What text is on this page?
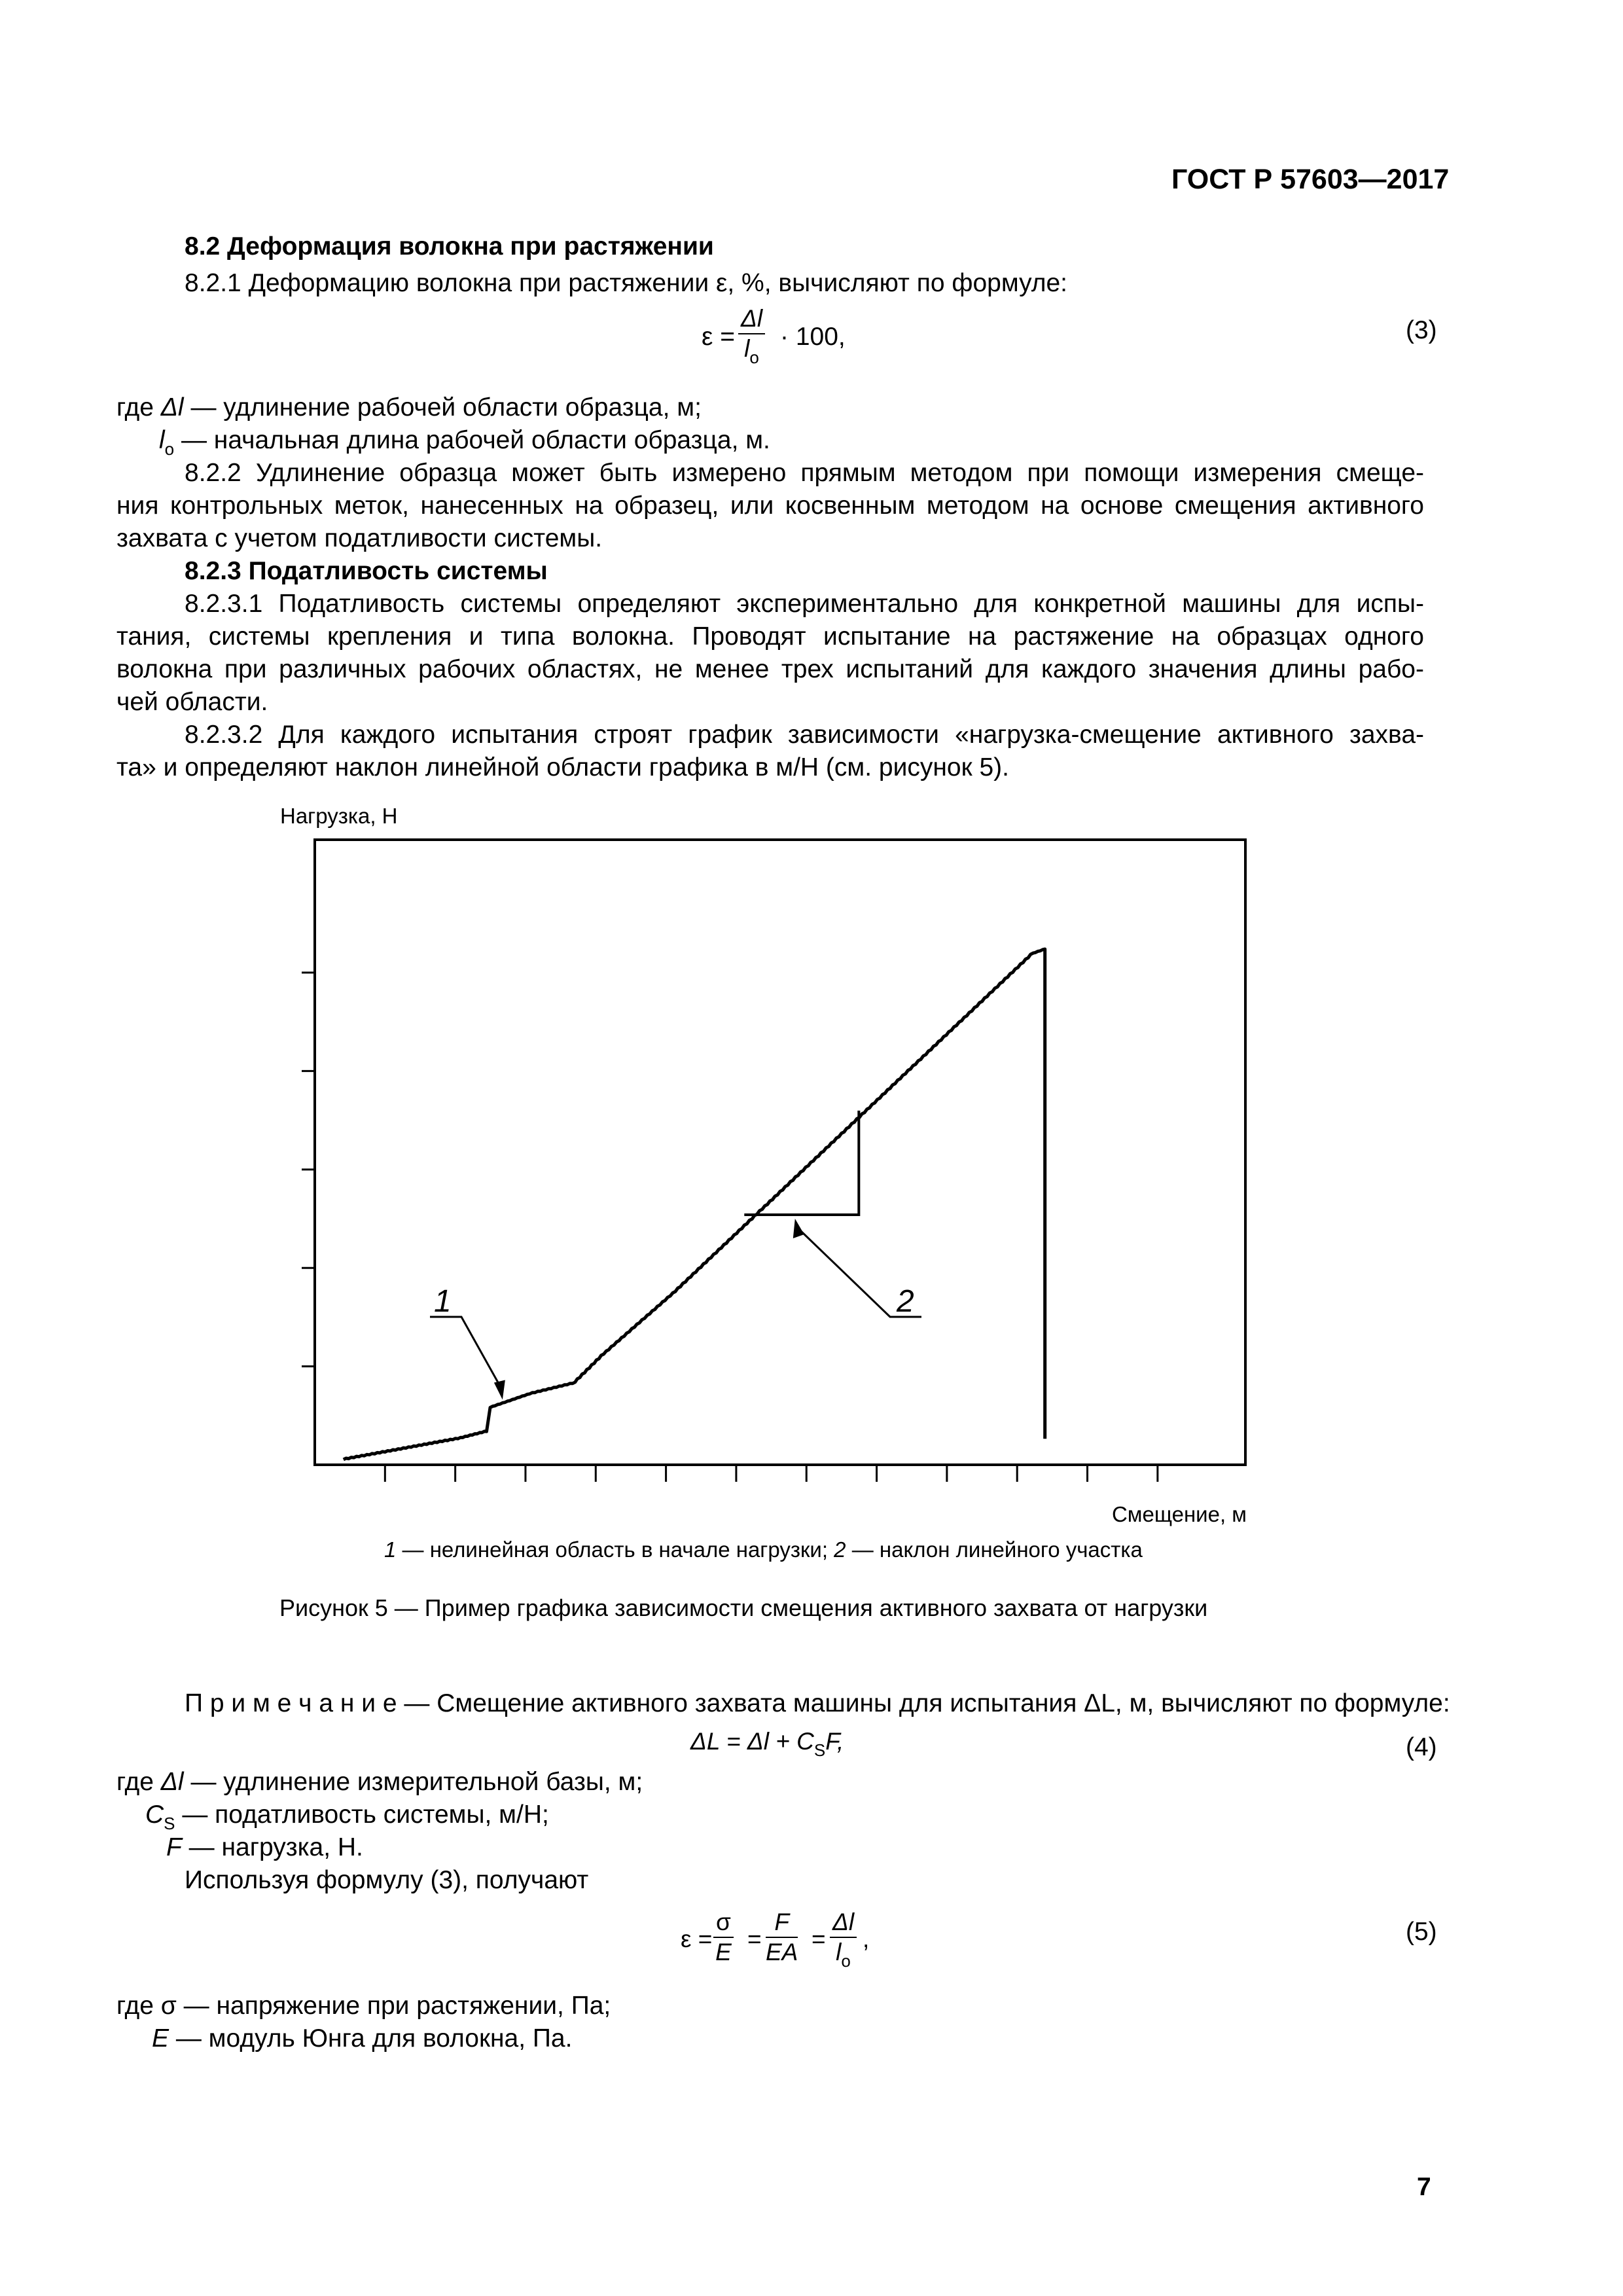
ГОСТ Р 57603—2017
8.2 Деформация волокна при растяжении
8.2.1 Деформацию волокна при растяжении ε, %, вычисляют по формуле:
$\varepsilon = \frac{\Delta l}{l_o} \cdot 100$,	(3)
где Δl — удлинение рабочей области образца, м;
$l_o$ — начальная длина рабочей области образца, м.
8.2.2 Удлинение образца может быть измерено прямым методом при помощи измерения смеще-
ния контрольных меток, нанесенных на образец, или косвенным методом на основе смещения активного
захвата с учетом податливости системы.
8.2.3 Податливость системы
8.2.3.1 Податливость системы определяют экспериментально для конкретной машины для испы-
тания, системы крепления и типа волокна. Проводят испытание на растяжение на образцах одного
волокна при различных рабочих областях, не менее трех испытаний для каждого значения длины рабо-
чей области.
8.2.3.2 Для каждого испытания строят график зависимости «нагрузка-смещение активного захва-
та» и определяют наклон линейной области графика в м/Н (см. рисунок 5).
Нагрузка, Н
Смещение, м
1	2
1 — нелинейная область в начале нагрузки; 2 — наклон линейного участка
Рисунок 5 — Пример графика зависимости смещения активного захвата от нагрузки
П р и м е ч а н и е — Смещение активного захвата машины для испытания ΔL, м, вычисляют по формуле:
$\Delta L = \Delta l + C_SF$,	(4)
где Δl — удлинение измерительной базы, м;
$C_S$ — податливость системы, м/Н;
F — нагрузка, Н.
Используя формулу (3), получают
$\varepsilon = \frac{\sigma}{E} = \frac{F}{EA} = \frac{\Delta l}{l_o}$ ,	(5)
где σ — напряжение при растяжении, Па;
E — модуль Юнга для волокна, Па.
7
